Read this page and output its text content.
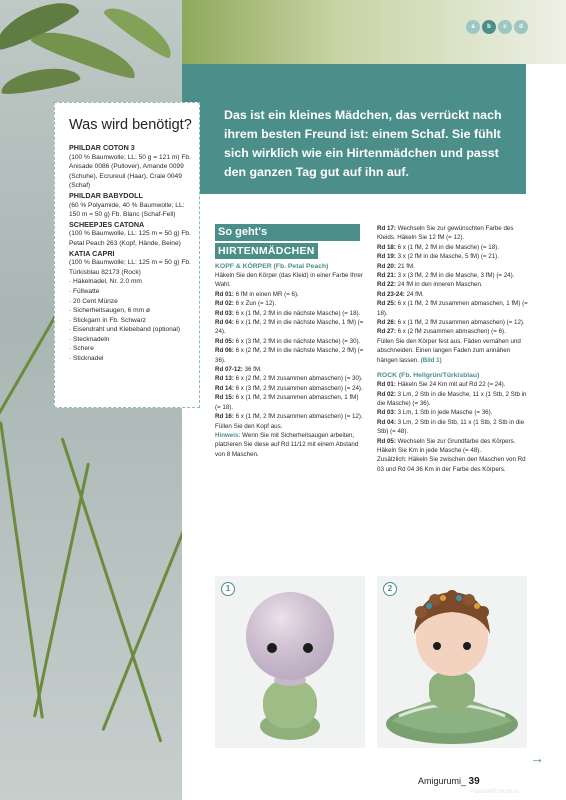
a	b	c	d
Das ist ein kleines Mädchen, das verrückt nach ihrem besten Freund ist: einem Schaf. Sie fühlt sich wirklich wie ein Hirtenmädchen und passt den ganzen Tag gut auf ihn auf.
Was wird benötigt?
PHILDAR COTON 3
(100 % Baumwolle; LL: 50 g = 121 m) Fb. Anisade 0086 (Pullover), Amande 0099 (Schuhe), Ecrureuil (Haar), Craie 0049 (Schaf)
PHILDAR BABYDOLL
(60 % Polyamide, 40 % Baumwolle; LL: 150 m = 50 g) Fb. Blanc (Schaf-Fell)
SCHEEPJES CATONA
(100 % Baumwolle, LL: 125 m = 50 g) Fb. Petal Peach 263 (Kopf, Hände, Beine)
KATIA CAPRI
(100 % Baumwolle; LL: 125 m = 50 g) Fb. Türkisblau 82173 (Rock)
· Häkelnadel, Nr. 2.0 mm
· Füllwatte
· 20 Cent Münze
· Sicherheitsaugen, 6 mm ø
· Stickgarn in Fb. Schwarz
· Eisendraht und Klebeband (optional)
· Stecknadeln
· Schere
· Sticknadel
So geht's HIRTENMÄDCHEN
KOPF & KÖRPER (Fb. Petal Peach)
Häkeln Sie den Körper (das Kleid) in einer Farbe Ihrer Wahl.
Rd 01: 6 fM in einen MR (= 6).
Rd 02: 6 x Zun (= 12).
Rd 03: 6 x (1 fM, 2 fM in die nächste Masche) (= 18).
Rd 04: 6 x (1 fM, 2 fM in die nächste Masche, 1 fM) (= 24).
Rd 05: 6 x (3 fM, 2 fM in die nächste Masche) (= 30).
Rd 06: 6 x (2 fM, 2 fM in die nächste Masche, 2 fM) (= 36).
Rd 07-12: 36 fM.
Rd 13: 6 x (2 fM, 2 fM zusammen abmaschen) (= 30).
Rd 14: 6 x (3 fM, 2 fM zusammen abmaschen) (= 24).
Rd 15: 6 x (1 fM, 2 fM zusammen abmaschen, 1 fM) (= 18).
Rd 16: 6 x (1 fM, 2 fM zusammen abmaschen) (= 12).
Füllen Sie den Kopf aus.
Hinweis: Wenn Sie mit Sicherheitsaugen arbeiten, platzieren Sie diese auf Rd 11/12 mit einem Abstand von 8 Maschen.
Rd 17: Wechseln Sie zur gewünschten Farbe des Kleids. Häkeln Sie 12 fM (= 12).
Rd 18: 6 x (1 fM, 2 fM in die Masche) (= 18).
Rd 19: 3 x (2 fM in die Masche, 5 fM) (= 21).
Rd 20: 21 fM.
Rd 21: 3 x (3 fM, 2 fM in die Masche, 3 fM) (= 24).
Rd 22: 24 fM in den inneren Maschen.
Rd 23-24: 24 fM.
Rd 25: 6 x (1 fM, 2 fM zusammen abmaschen, 1 fM) (= 18).
Rd 26: 6 x (1 fM, 2 fM zusammen abmaschen) (= 12).
Rd 27: 6 x (2 fM zusammen abmaschen) (= 6).
Füllen Sie den Körper fest aus. Fäden vernähen und abschneiden. Einen langen Faden zum annähen hängen lassen. (Bild 1)
ROCK (Fb. Hellgrün/Türkisblau)
Rd 01: Häkeln Sie 24 Km mit auf Rd 22 (= 24).
Rd 02: 3 Lm, 2 Stb in die Masche, 11 x (1 Stb, 2 Stb in die Masche) (= 36).
Rd 03: 3 Lm, 1 Stb in jede Masche (= 36).
Rd 04: 3 Lm, 2 Stb in die Stb, 11 x (1 Stb, 2 Stb in die Stb) (= 48).
Rd 05: Wechseln Sie zur Grundfarbe des Körpers. Häkeln Sie Km in jede Masche (= 48).
Zusätzlich: Häkeln Sie zwischen den Maschen von Rd 03 und Rd 04 36 Km in der Farbe des Körpers.
1	2
→
Amigurumi_ 39
PassionForum.ru
